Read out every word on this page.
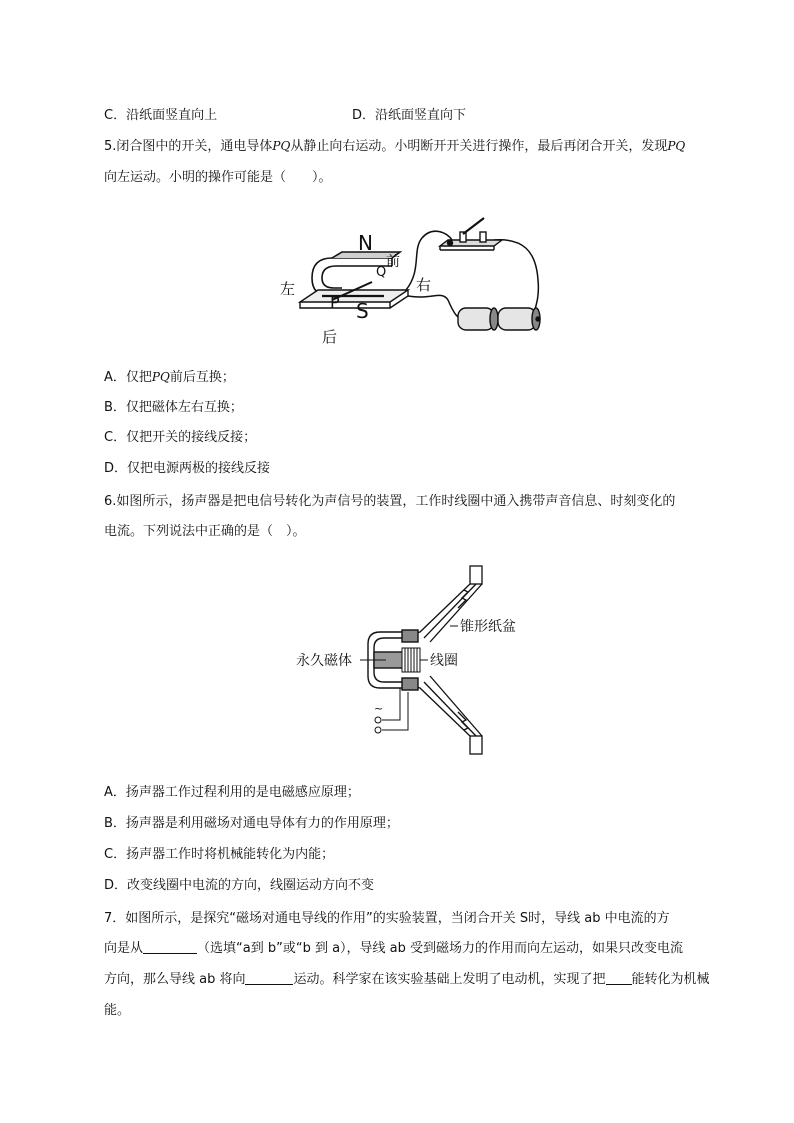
C．沿纸面竖直向上	D．沿纸面竖直向下
5.闭合图中的开关，通电导体PQ从静止向右运动。小明断开开关进行操作，最后再闭合开关，发现PQ
向左运动。小明的操作可能是（　　）。
N
Q
前
左	右
P S
后
A．仅把PQ前后互换；
B．仅把磁体左右互换；
C．仅把开关的接线反接；
D．仅把电源两极的接线反接
6.如图所示，扬声器是把电信号转化为声信号的装置，工作时线圈中通入携带声音信息、时刻变化的
电流。下列说法中正确的是（　）。
~
锥形纸盆
永久磁体	线圈
A．扬声器工作过程利用的是电磁感应原理；
B．扬声器是利用磁场对通电导体有力的作用原理；
C．扬声器工作时将机械能转化为内能；
D．改变线圈中电流的方向，线圈运动方向不变
7．如图所示，是探究“磁场对通电导线的作用”的实验装置，当闭合开关 S时，导线 ab 中电流的方
向是从	（选填“a到 b”或“b 到 a），导线 ab 受到磁场力的作用而向左运动，如果只改变电流
方向，那么导线 ab 将向	运动。科学家在该实验基础上发明了电动机，实现了把 能转化为机械
能。
